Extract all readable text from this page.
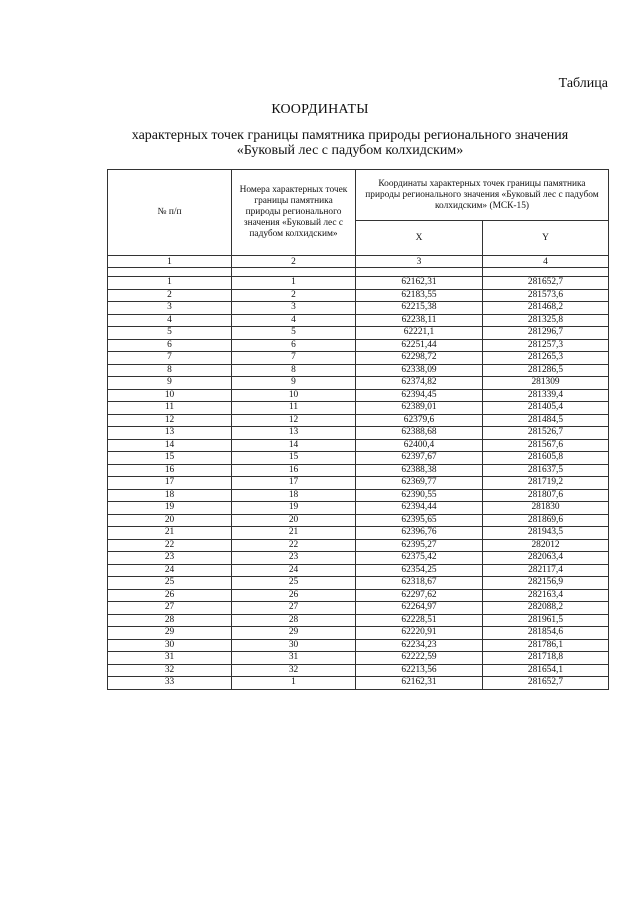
Таблица
КООРДИНАТЫ
характерных точек границы памятника природы регионального значения
«Буковый лес с падубом колхидским»
№ п/п	Номера характерных точек границы памятника природы регионального значения «Буковый лес с падубом колхидским»	Координаты характерных точек границы памятника природы регионального значения «Буковый лес с падубом колхидским» (МСК-15)	
		X	Y
1	2	3	4

1	1	62162,31	281652,7
2	2	62183,55	281573,6
3	3	62215,38	281468,2
4	4	62238,11	281325,8
5	5	62221,1	281296,7
6	6	62251,44	281257,3
7	7	62298,72	281265,3
8	8	62338,09	281286,5
9	9	62374,82	281309
10	10	62394,45	281339,4
11	11	62389,01	281405,4
12	12	62379,6	281484,5
13	13	62388,68	281526,7
14	14	62400,4	281567,6
15	15	62397,67	281605,8
16	16	62388,38	281637,5
17	17	62369,77	281719,2
18	18	62390,55	281807,6
19	19	62394,44	281830
20	20	62395,65	281869,6
21	21	62396,76	281943,5
22	22	62395,27	282012
23	23	62375,42	282063,4
24	24	62354,25	282117,4
25	25	62318,67	282156,9
26	26	62297,62	282163,4
27	27	62264,97	282088,2
28	28	62228,51	281961,5
29	29	62220,91	281854,6
30	30	62234,23	281786,1
31	31	62222,59	281718,8
32	32	62213,56	281654,1
33	1	62162,31	281652,7
